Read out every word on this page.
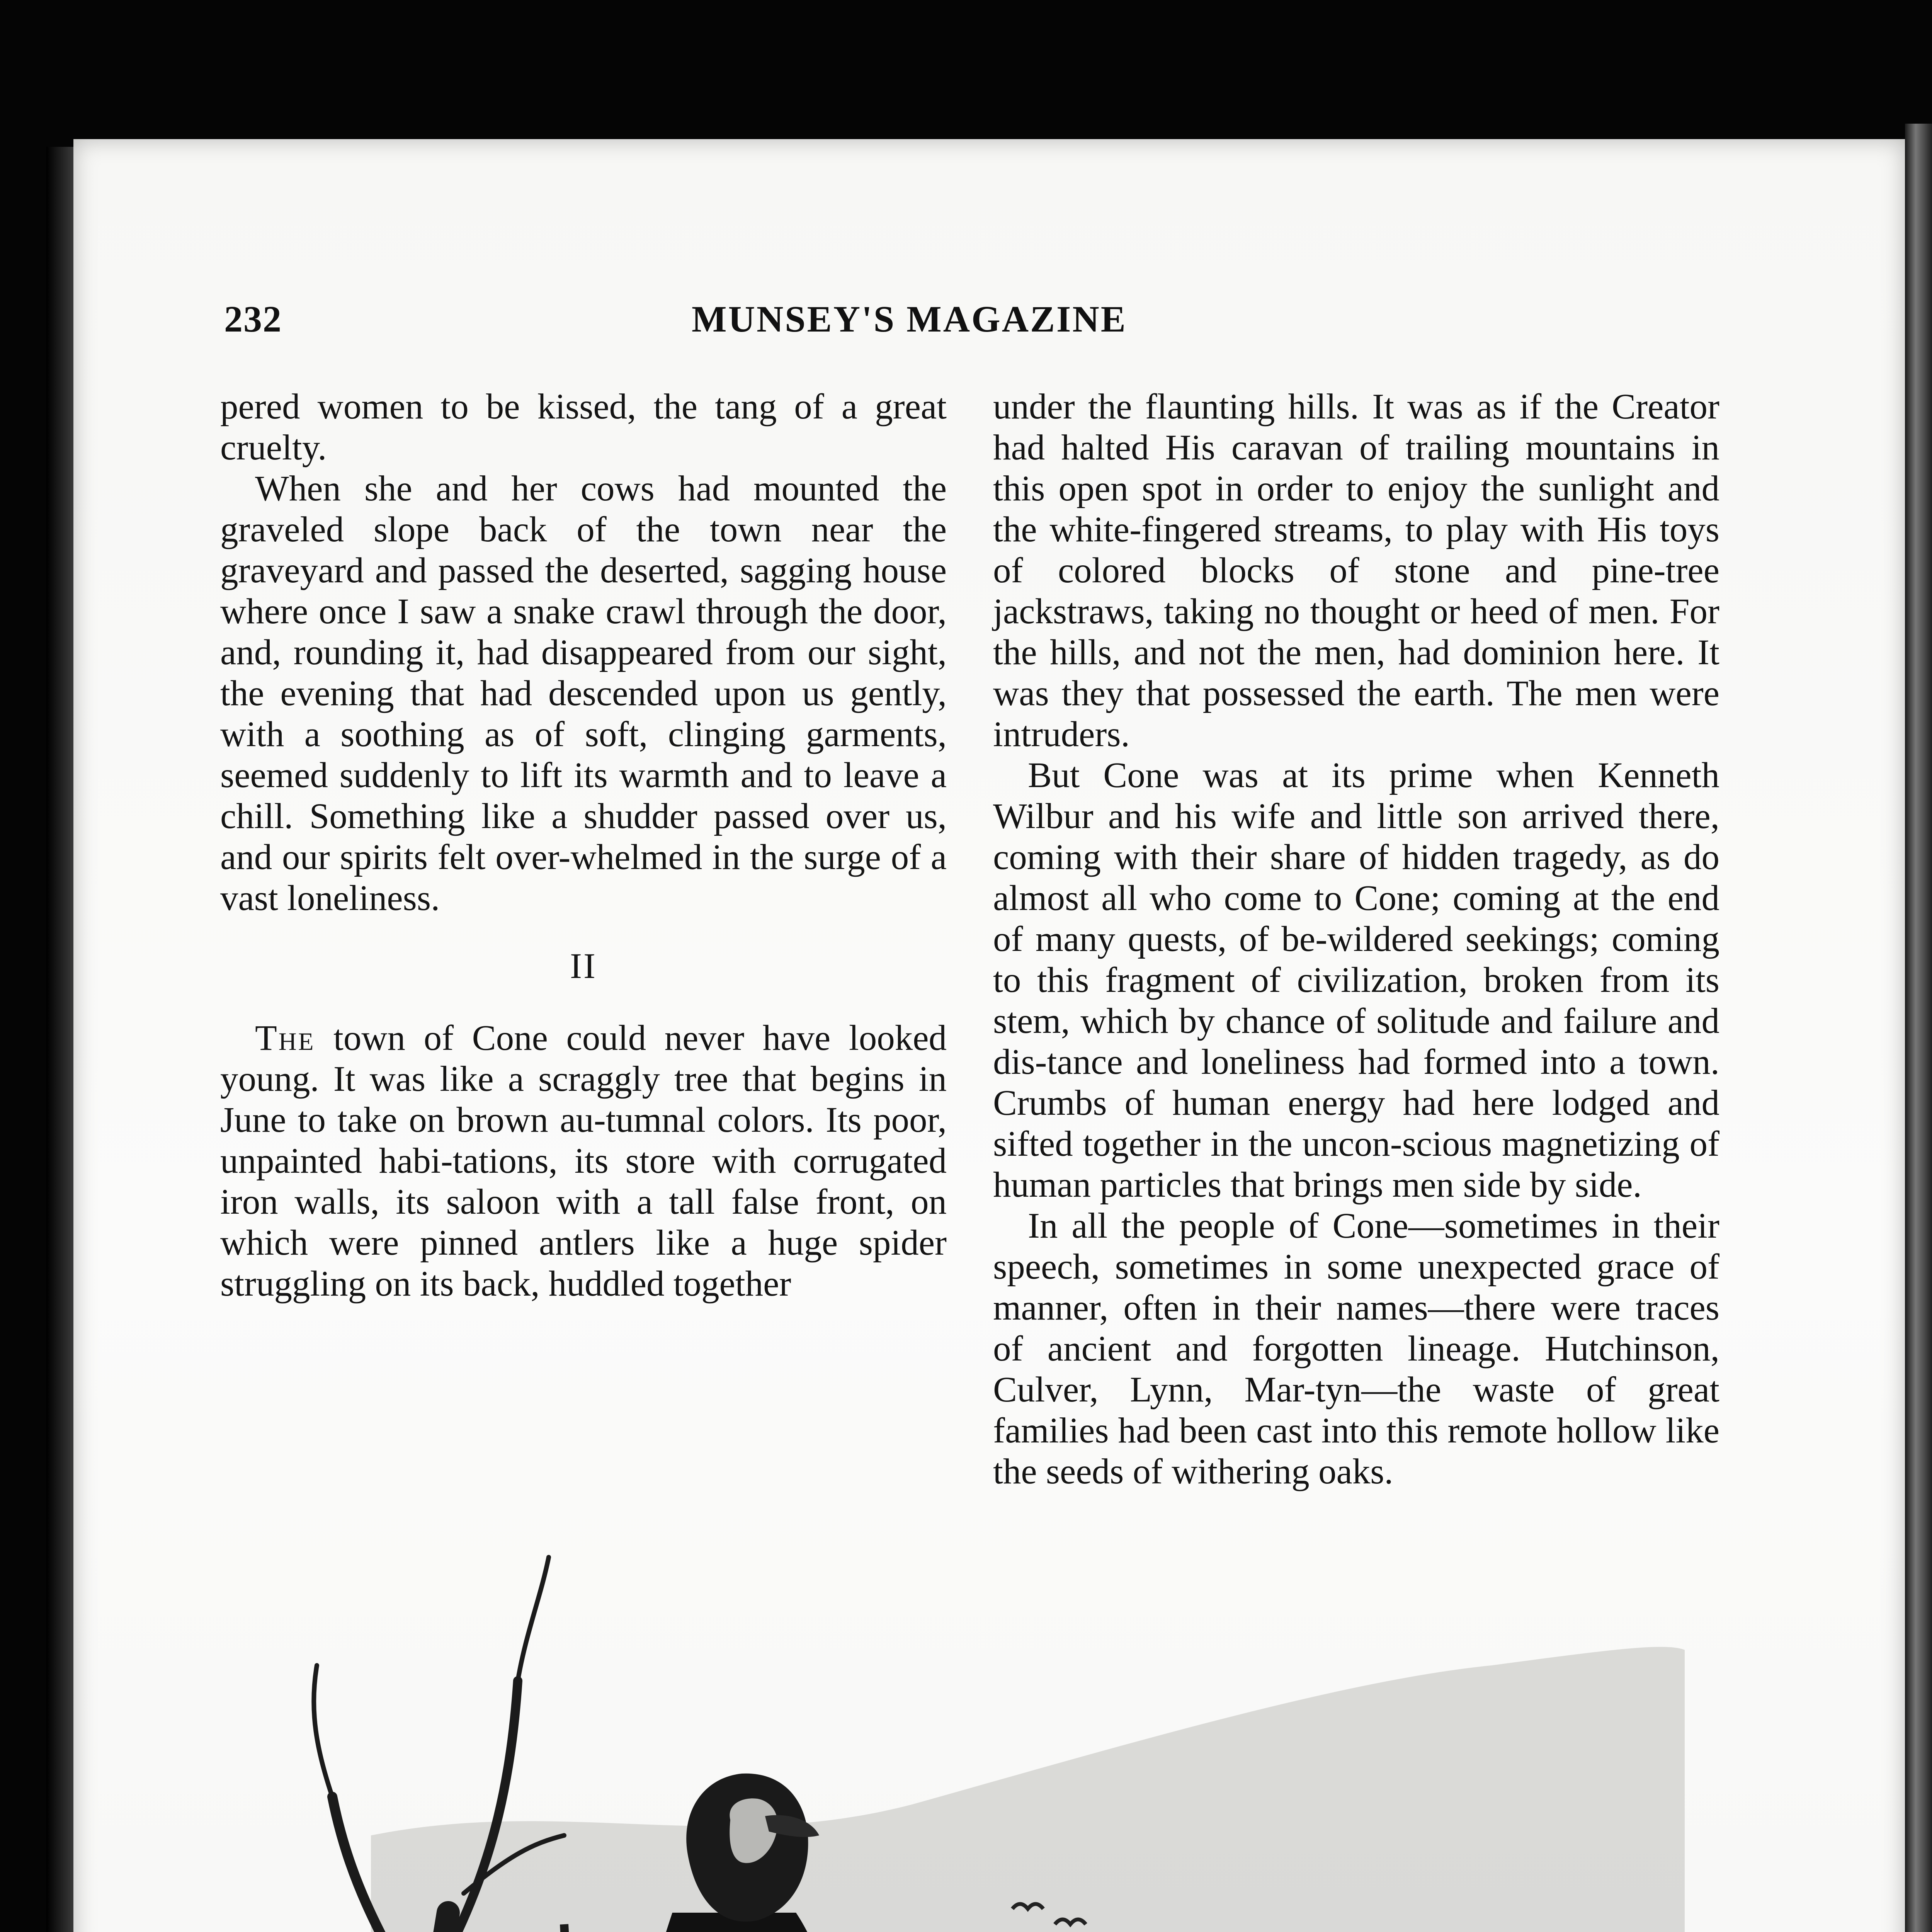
232	MUNSEY'S MAGAZINE

pered women to be kissed, the tang of a great cruelty.

When she and her cows had mounted the graveled slope back of the town near the graveyard and passed the deserted, sagging house where once I saw a snake crawl through the door, and, rounding it, had disappeared from our sight, the evening that had descended upon us gently, with a soothing as of soft, clinging garments, seemed suddenly to lift its warmth and to leave a chill. Something like a shudder passed over us, and our spirits felt over-whelmed in the surge of a vast loneliness.

II

The town of Cone could never have looked young. It was like a scraggly tree that begins in June to take on brown au-tumnal colors. Its poor, unpainted habi-tations, its store with corrugated iron walls, its saloon with a tall false front, on which were pinned antlers like a huge spider struggling on its back, huddled together

under the flaunting hills. It was as if the Creator had halted His caravan of trailing mountains in this open spot in order to enjoy the sunlight and the white-fingered streams, to play with His toys of colored blocks of stone and pine-tree jackstraws, taking no thought or heed of men. For the hills, and not the men, had dominion here. It was they that possessed the earth. The men were intruders.

But Cone was at its prime when Kenneth Wilbur and his wife and little son arrived there, coming with their share of hidden tragedy, as do almost all who come to Cone; coming at the end of many quests, of be-wildered seekings; coming to this fragment of civilization, broken from its stem, which by chance of solitude and failure and dis-tance and loneliness had formed into a town. Crumbs of human energy had here lodged and sifted together in the uncon-scious magnetizing of human particles that brings men side by side.

In all the people of Cone—sometimes in their speech, sometimes in some unexpected grace of manner, often in their names—there were traces of ancient and forgotten lineage. Hutchinson, Culver, Lynn, Mar-tyn—the waste of great families had been cast into this remote hollow like the seeds of withering oaks.
